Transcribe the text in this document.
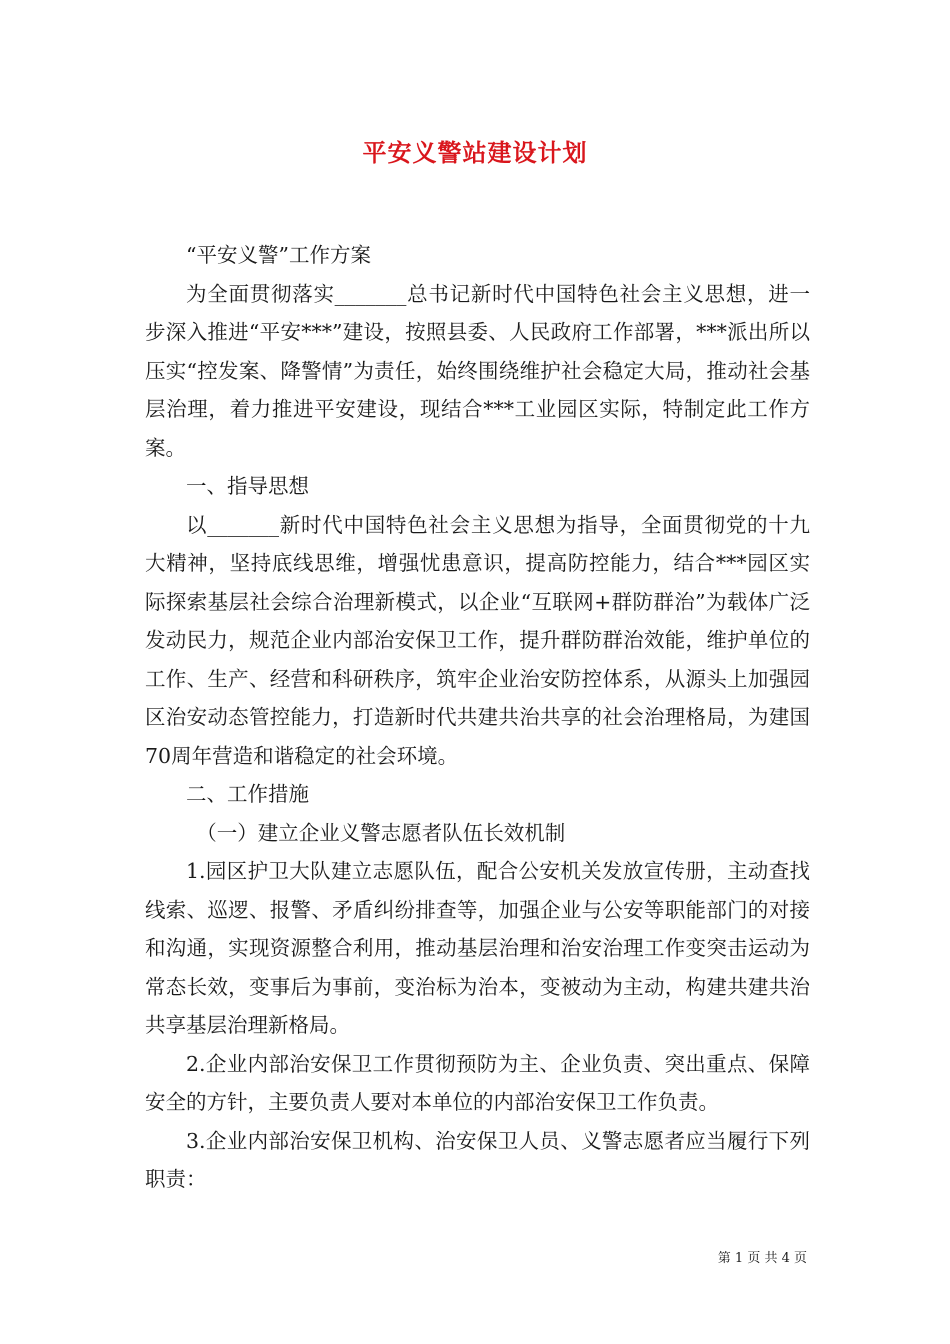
平安义警站建设计划

“平安义警”工作方案

为全面贯彻落实_______总书记新时代中国特色社会主义思想，进一步深入推进“平安***”建设，按照县委、人民政府工作部署，***派出所以压实“控发案、降警情”为责任，始终围绕维护社会稳定大局，推动社会基层治理，着力推进平安建设，现结合***工业园区实际，特制定此工作方案。

一、指导思想

以_______新时代中国特色社会主义思想为指导，全面贯彻党的十九大精神，坚持底线思维，增强忧患意识，提高防控能力，结合***园区实际探索基层社会综合治理新模式，以企业“互联网+群防群治”为载体广泛发动民力，规范企业内部治安保卫工作，提升群防群治效能，维护单位的工作、生产、经营和科研秩序，筑牢企业治安防控体系，从源头上加强园区治安动态管控能力，打造新时代共建共治共享的社会治理格局，为建国70周年营造和谐稳定的社会环境。

二、工作措施

（一）建立企业义警志愿者队伍长效机制

1.园区护卫大队建立志愿队伍，配合公安机关发放宣传册，主动查找线索、巡逻、报警、矛盾纠纷排查等，加强企业与公安等职能部门的对接和沟通，实现资源整合利用，推动基层治理和治安治理工作变突击运动为常态长效，变事后为事前，变治标为治本，变被动为主动，构建共建共治共享基层治理新格局。

2.企业内部治安保卫工作贯彻预防为主、企业负责、突出重点、保障安全的方针，主要负责人要对本单位的内部治安保卫工作负责。

3.企业内部治安保卫机构、治安保卫人员、义警志愿者应当履行下列职责：

第 1 页 共 4 页
